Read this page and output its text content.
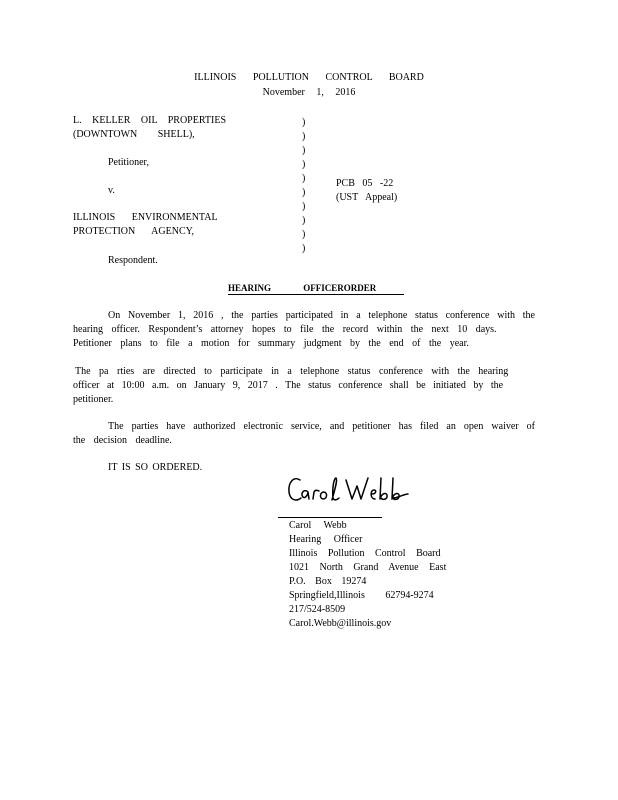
ILLINOIS POLLUTION CONTROL BOARD
November 1, 2016
L. KELLER OIL PROPERTIES
(DOWNTOWN SHELL),
Petitioner,
v.
ILLINOIS ENVIRONMENTAL
PROTECTION AGENCY,
Respondent.
)
)
)
)
)
)
)
)
)
)
PCB 05 -22
(UST Appeal)
HEARING OFFICERORDER
On November 1, 2016 , the parties participated in a telephone status conference with the
hearing officer. Respondent’s attorney hopes to file the record within the next 10 days.
Petitioner plans to file a motion for summary judgment by the end of the year.
The pa rties are directed to participate in a telephone status conference with the hearing
officer at 10:00 a.m. on January 9, 2017 . The status conference shall be initiated by the
petitioner.
The parties have authorized electronic service, and petitioner has filed an open waiver of
the decision deadline.
IT IS SO ORDERED.
Carol Webb
Hearing Officer
Illinois Pollution Control Board
1021 North Grand Avenue East
P.O. Box 19274
Springfield,Illinois 62794-9274
217/524-8509
Carol.Webb@illinois.gov
